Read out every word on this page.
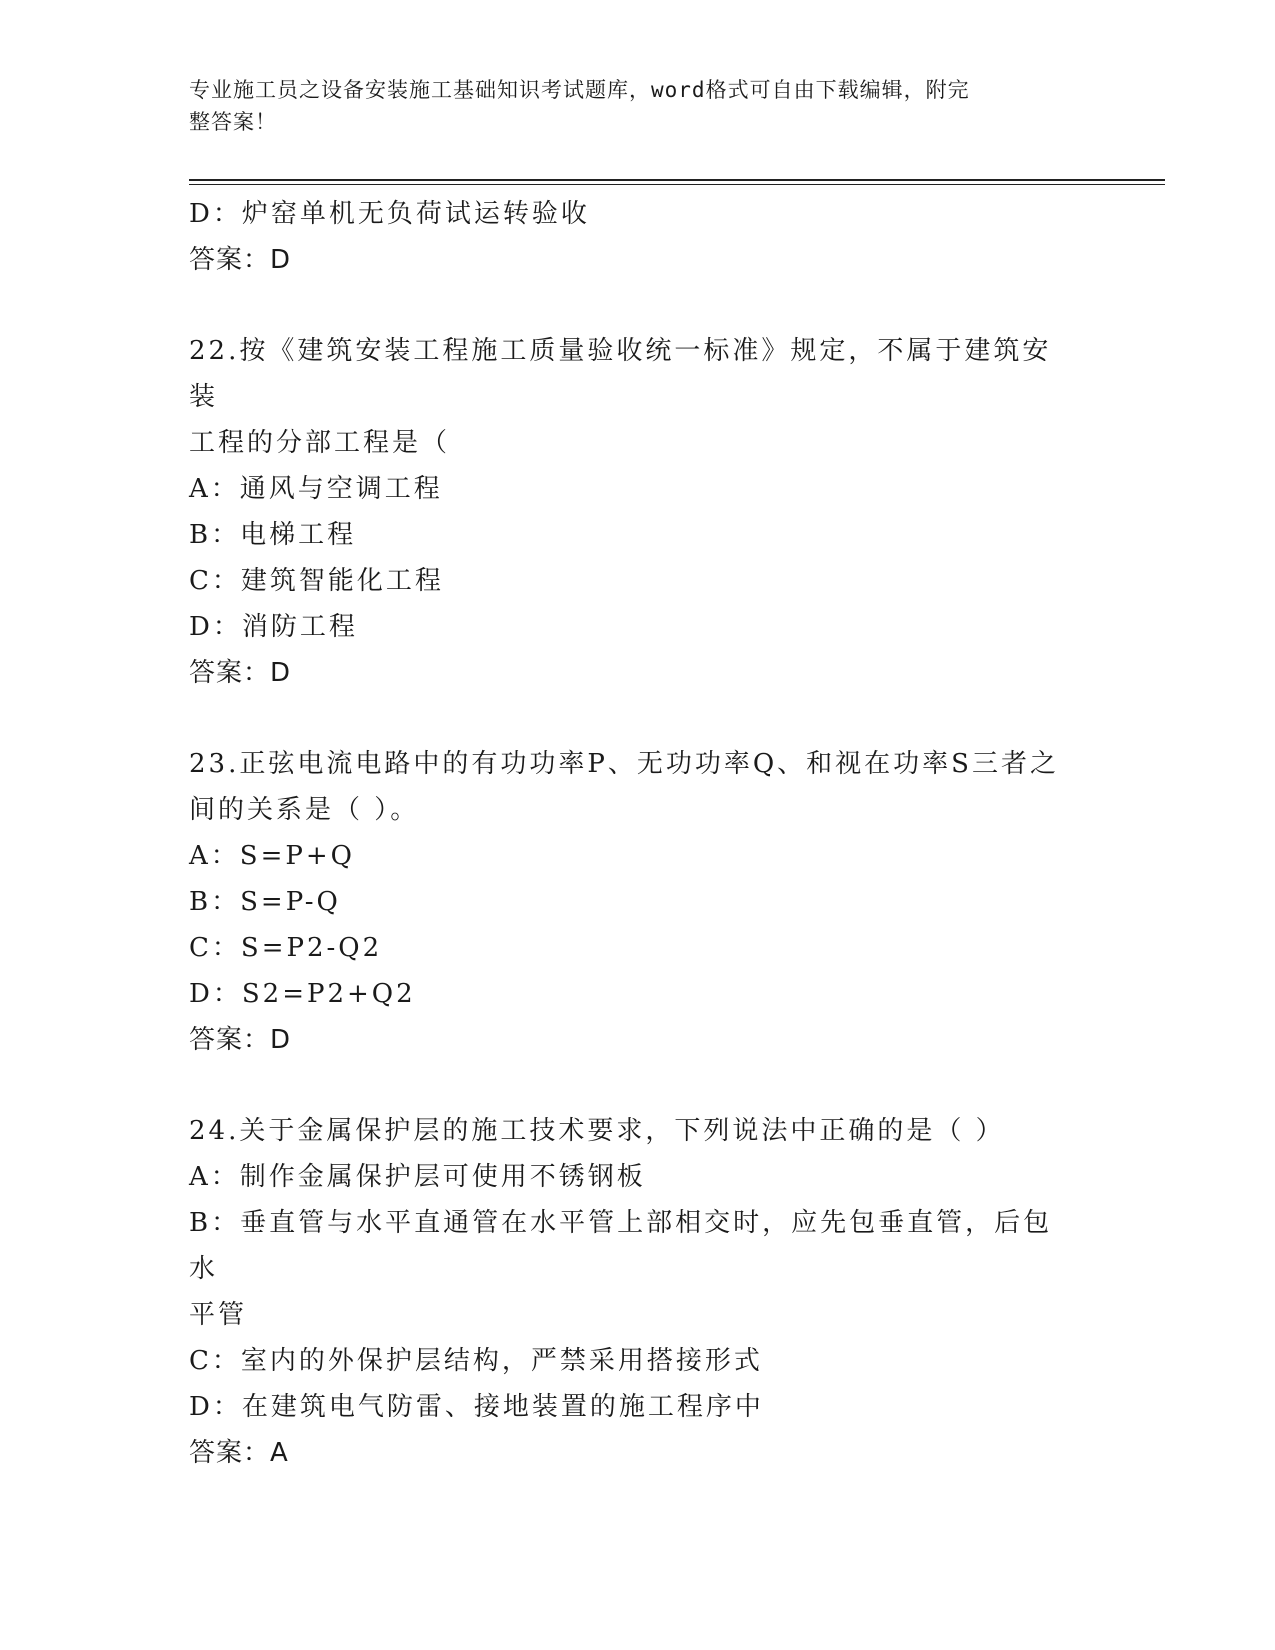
专业施工员之设备安装施工基础知识考试题库，word格式可自由下载编辑，附完
整答案！
D：炉窑单机无负荷试运转验收
答案：D
22.按《建筑安装工程施工质量验收统一标准》规定，不属于建筑安装
工程的分部工程是（
A：通风与空调工程
B：电梯工程
C：建筑智能化工程
D：消防工程
答案：D
23.正弦电流电路中的有功功率P、无功功率Q、和视在功率S三者之
间的关系是（ ）。
A：S=P+Q
B：S=P-Q
C：S=P2-Q2
D：S2=P2+Q2
答案：D
24.关于金属保护层的施工技术要求，下列说法中正确的是（ ）
A：制作金属保护层可使用不锈钢板
B：垂直管与水平直通管在水平管上部相交时，应先包垂直管，后包水
平管
C：室内的外保护层结构，严禁采用搭接形式
D：在建筑电气防雷、接地装置的施工程序中
答案：A
